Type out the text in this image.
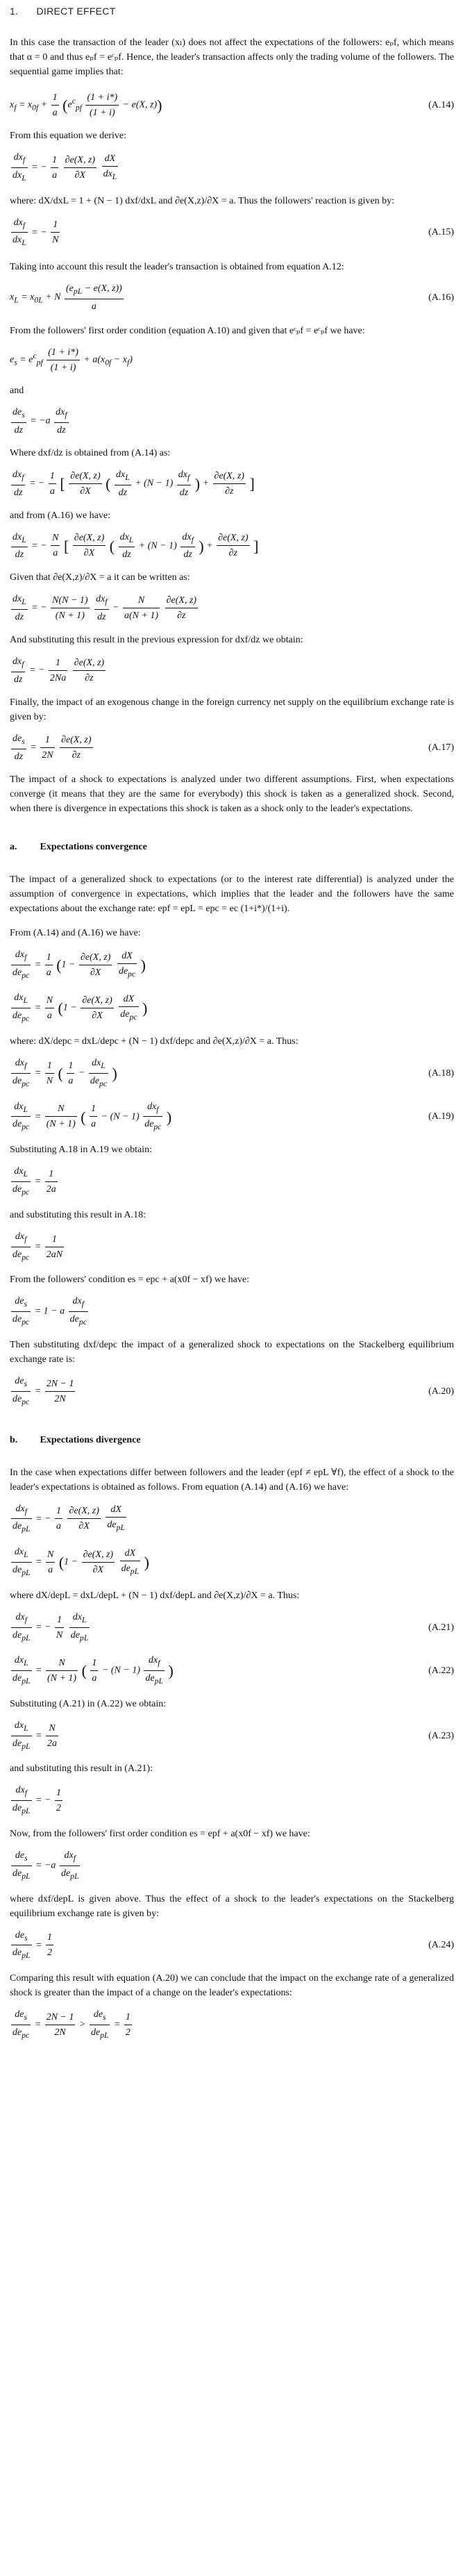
1. DIRECT EFFECT

In this case the transaction of the leader (xₗ) does not affect the expectations of the followers: eₚf, which means that α = 0 and thus eₚf = eᶜₚf. Hence, the leader's transaction affects only the trading volume of the followers. The sequential game implies that:

$x_f = x_{0f} + \frac{1}{a} (e^c_{pf} \frac{(1 + i*)}{(1 + i)} - e(X$, z))	(A.14)

From this equation we derive:

$\frac{dx_f}{dx_L}$ = − $\frac{1}{a}$
$\frac{\partial e(X, z)}{\partial X}$
$\frac{dX}{dx_L}$

where: dX/dxL = 1 + (N − 1) dxf/dxL and ∂e(X,z)/∂X = a. Thus the followers' reaction is given by:

$\frac{dx_f}{dx_L}$ = − $\frac{1}{N}$	(A.15)

Taking into account this result the leader's transaction is obtained from equation A.12:

$x_L = x_{0L} + N \frac{(e_{pL} - e(X, z))}{a}$	(A.16)

From the followers' first order condition (equation A.10) and given that eᶜₚf = eᶜₚf we have:

$e_s = e^c_{pf} \frac{(1 + i*)}{(1 + i)} + a(x_{0f} - x_f)$

and

$\frac{de_s}{dz} = -a \frac{dx_f}{dz}$

Where dxf/dz is obtained from (A.14) as:

$\frac{dx_f}{dz}$ = − $\frac{1}{a}$ [ $\frac{\partial e(X, z)}{\partial X}$ ( $\frac{dx_L}{dz} + (N - 1) \frac{dx_f}{dz}$ ) + $\frac{\partial e(X, z)}{\partial z}$ ]

and from (A.16) we have:

$\frac{dx_L}{dz}$ = − $\frac{N}{a}$ [ $\frac{\partial e(X, z)}{\partial X}$ ( $\frac{dx_L}{dz} + (N - 1) \frac{dx_f}{dz}$ ) + $\frac{\partial e(X, z)}{\partial z}$ ]

Given that ∂e(X,z)/∂X = a it can be written as:

$\frac{dx_L}{dz}$ = − $\frac{N(N - 1)}{(N + 1)}$
$\frac{dx_f}{dz} - \frac{N}{a(N + 1)}$
$\frac{\partial e(X, z)}{\partial z}$

And substituting this result in the previous expression for dxf/dz we obtain:

$\frac{dx_f}{dz}$ = − $\frac{1}{2Na}$
$\frac{\partial e(X, z)}{\partial z}$

Finally, the impact of an exogenous change in the foreign currency net supply on the equilibrium exchange rate is given by:

$\frac{de_s}{dz} = \frac{1}{2N}$
$\frac{\partial e(X, z)}{\partial z}$	(A.17)

The impact of a shock to expectations is analyzed under two different assumptions. First, when expectations converge (it means that they are the same for everybody) this shock is taken as a generalized shock. Second, when there is divergence in expectations this shock is taken as a shock only to the leader's expectations.

a. Expectations convergence

The impact of a generalized shock to expectations (or to the interest rate differential) is analyzed under the assumption of convergence in expectations, which implies that the leader and the followers have the same expectations about the exchange rate: epf = epL = epc = ec (1+i*)/(1+i).

From (A.14) and (A.16) we have:

$\frac{dx_f}{de_{pc}} = \frac{1}{a} (1 - \frac{\partial e(X, z)}{\partial X}$
$\frac{dX}{de_{pc}}$ )
$\frac{dx_L}{de_{pc}} = \frac{N}{a} (1 - \frac{\partial e(X, z)}{\partial X}$
$\frac{dX}{de_{pc}}$ )

where: dX/depc = dxL/depc + (N − 1) dxf/depc and ∂e(X,z)/∂X = a. Thus:

$\frac{dx_f}{de_{pc}} = \frac{1}{N}$ ( $\frac{1}{a} - \frac{dx_L}{de_{pc}}$ )	(A.18)
$\frac{dx_L}{de_{pc}} = \frac{N}{(N + 1)}$ ( $\frac{1}{a} - (N - 1) \frac{dx_f}{de_{pc}}$ )	(A.19)

Substituting A.18 in A.19 we obtain:

$\frac{dx_L}{de_{pc}} = \frac{1}{2a}$

and substituting this result in A.18:

$\frac{dx_f}{de_{pc}} = \frac{1}{2aN}$

From the followers' condition es = epc + a(x0f − xf) we have:

$\frac{de_s}{de_{pc}} = 1 - a \frac{dx_f}{de_{pc}}$

Then substituting dxf/depc the impact of a generalized shock to expectations on the Stackelberg equilibrium exchange rate is:

$\frac{de_s}{de_{pc}} = \frac{2N - 1}{2N}$	(A.20)
b. Expectations divergence

In the case when expectations differ between followers and the leader (epf ≠ epL ∀f), the effect of a shock to the leader's expectations is obtained as follows. From equation (A.14) and (A.16) we have:

$\frac{dx_f}{de_{pL}}$ = − $\frac{1}{a}$
$\frac{\partial e(X, z)}{\partial X}$
$\frac{dX}{de_{pL}}$
$\frac{dx_L}{de_{pL}} = \frac{N}{a} (1 - \frac{\partial e(X, z)}{\partial X}$
$\frac{dX}{de_{pL}}$ )

where dX/depL = dxL/depL + (N − 1) dxf/depL and ∂e(X,z)/∂X = a. Thus:

$\frac{dx_f}{de_{pL}}$ = − $\frac{1}{N}$
$\frac{dx_L}{de_{pL}}$	(A.21)
$\frac{dx_L}{de_{pL}} = \frac{N}{(N + 1)}$ ( $\frac{1}{a} - (N - 1) \frac{dx_f}{de_{pL}}$ )	(A.22)

Substituting (A.21) in (A.22) we obtain:

$\frac{dx_L}{de_{pL}} = \frac{N}{2a}$	(A.23)

and substituting this result in (A.21):

$\frac{dx_f}{de_{pL}}$ = − $\frac{1}{2}$

Now, from the followers' first order condition es = epf + a(x0f − xf) we have:

$\frac{de_s}{de_{pL}} = -a \frac{dx_f}{de_{pL}}$

where dxf/depL is given above. Thus the effect of a shock to the leader's expectations on the Stackelberg equilibrium exchange rate is given by:

$\frac{de_s}{de_{pL}} = \frac{1}{2}$	(A.24)

Comparing this result with equation (A.20) we can conclude that the impact on the exchange rate of a generalized shock is greater than the impact of a change on the leader's expectations:

$\frac{de_s}{de_{pc}} = \frac{2N - 1}{2N} > \frac{de_s}{de_{pL}} = \frac{1}{2}$
